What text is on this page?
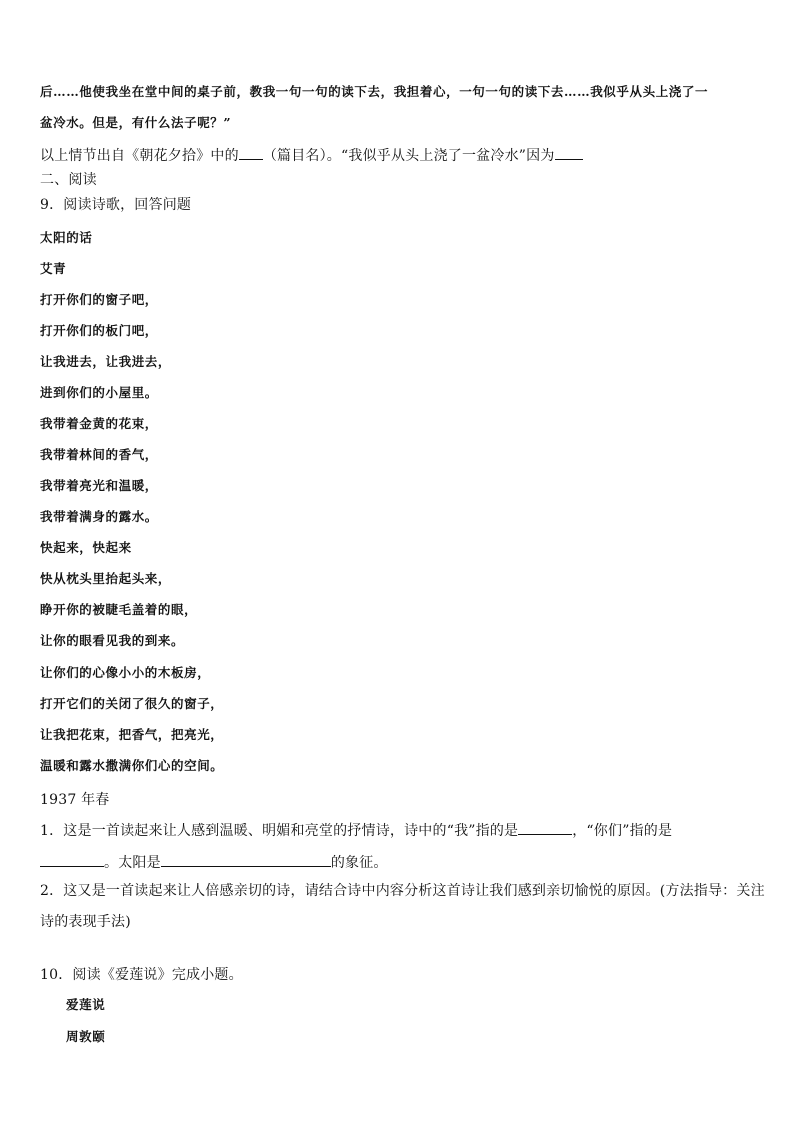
后……他使我坐在堂中间的桌子前，教我一句一句的读下去，我担着心，一句一句的读下去……我似乎从头上浇了一
盆冷水。但是，有什么法子呢？”
以上情节出自《朝花夕拾》中的 （篇目名）。“我似乎从头上浇了一盆冷水”因为
二、阅读
9．阅读诗歌，回答问题
太阳的话
艾青
打开你们的窗子吧，
打开你们的板门吧，
让我进去，让我进去，
进到你们的小屋里。
我带着金黄的花束，
我带着林间的香气，
我带着亮光和温暖，
我带着满身的露水。
快起来，快起来
快从枕头里抬起头来，
睁开你的被睫毛盖着的眼，
让你的眼看见我的到来。
让你们的心像小小的木板房，
打开它们的关闭了很久的窗子，
让我把花束，把香气，把亮光，
温暖和露水撒满你们心的空间。
1937 年春
1．这是一首读起来让人感到温暖、明媚和亮堂的抒情诗，诗中的“我”指的是	，“你们”指的是
。太阳是	的象征。
2．这又是一首读起来让人倍感亲切的诗，请结合诗中内容分析这首诗让我们感到亲切愉悦的原因。(方法指导：关注
诗的表现手法)
10．阅读《爱莲说》完成小题。
爱莲说
周敦颐
